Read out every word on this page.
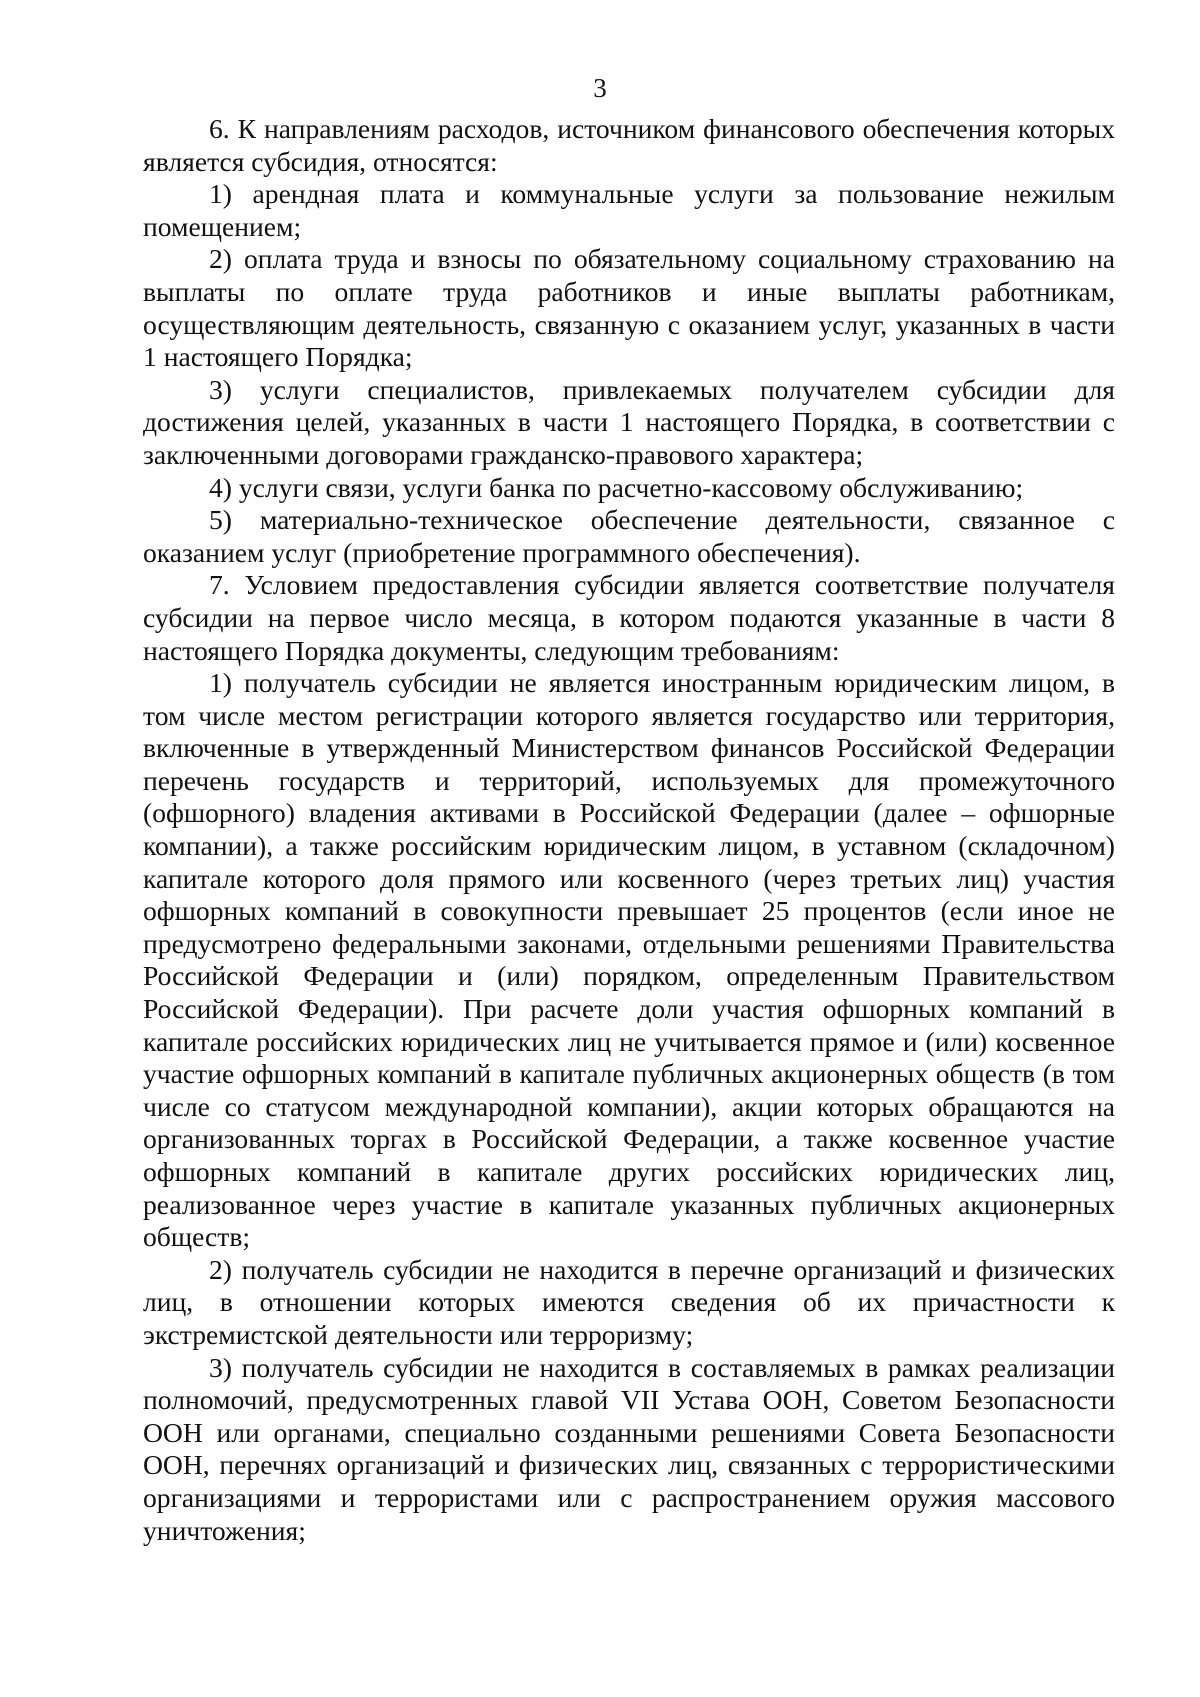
3

6. К направлениям расходов, источником финансового обеспечения которых является субсидия, относятся:

1) арендная плата и коммунальные услуги за пользование нежилым помещением;

2) оплата труда и взносы по обязательному социальному страхованию на выплаты по оплате труда работников и иные выплаты работникам, осуществляющим деятельность, связанную с оказанием услуг, указанных в части 1 настоящего Порядка;

3) услуги специалистов, привлекаемых получателем субсидии для достижения целей, указанных в части 1 настоящего Порядка, в соответствии с заключенными договорами гражданско-правового характера;

4) услуги связи, услуги банка по расчетно-кассовому обслуживанию;

5) материально-техническое обеспечение деятельности, связанное с оказанием услуг (приобретение программного обеспечения).

7. Условием предоставления субсидии является соответствие получателя субсидии на первое число месяца, в котором подаются указанные в части 8 настоящего Порядка документы, следующим требованиям:

1) получатель субсидии не является иностранным юридическим лицом, в том числе местом регистрации которого является государство или территория, включенные в утвержденный Министерством финансов Российской Федерации перечень государств и территорий, используемых для промежуточного (офшорного) владения активами в Российской Федерации (далее – офшорные компании), а также российским юридическим лицом, в уставном (складочном) капитале которого доля прямого или косвенного (через третьих лиц) участия офшорных компаний в совокупности превышает 25 процентов (если иное не предусмотрено федеральными законами, отдельными решениями Правительства Российской Федерации и (или) порядком, определенным Правительством Российской Федерации). При расчете доли участия офшорных компаний в капитале российских юридических лиц не учитывается прямое и (или) косвенное участие офшорных компаний в капитале публичных акционерных обществ (в том числе со статусом международной компании), акции которых обращаются на организованных торгах в Российской Федерации, а также косвенное участие офшорных компаний в капитале других российских юридических лиц, реализованное через участие в капитале указанных публичных акционерных обществ;

2) получатель субсидии не находится в перечне организаций и физических лиц, в отношении которых имеются сведения об их причастности к экстремистской деятельности или терроризму;

3) получатель субсидии не находится в составляемых в рамках реализации полномочий, предусмотренных главой VII Устава ООН, Советом Безопасности ООН или органами, специально созданными решениями Совета Безопасности ООН, перечнях организаций и физических лиц, связанных с террористическими организациями и террористами или с распространением оружия массового уничтожения;
